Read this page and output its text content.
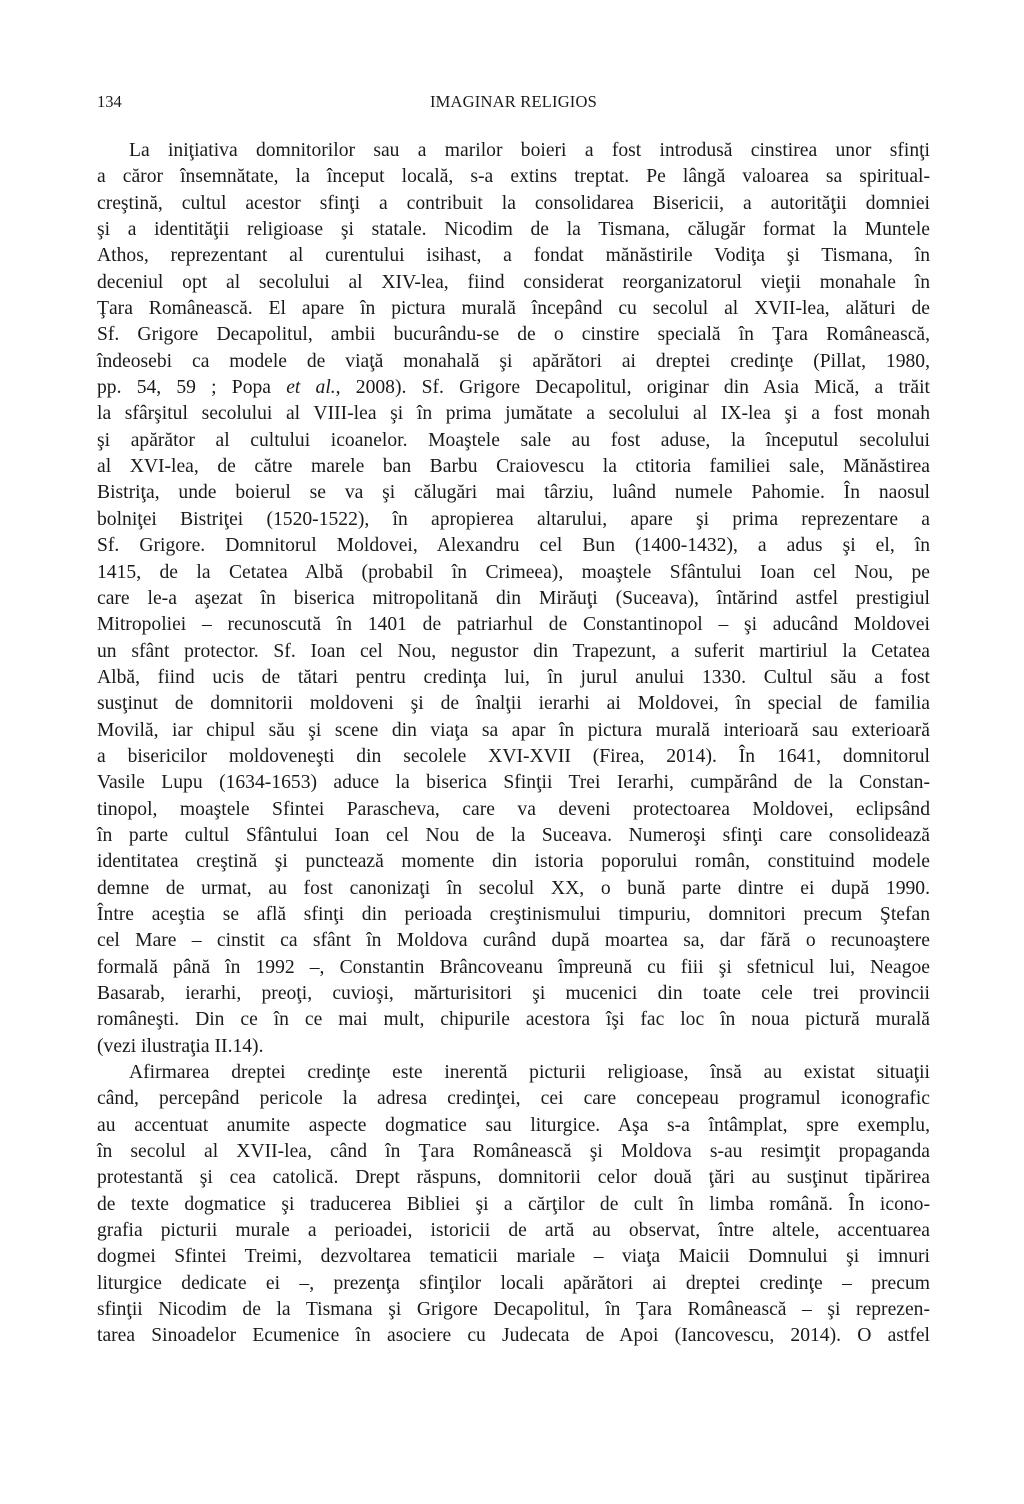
134	IMAGINAR RELIGIOS
La iniţiativa domnitorilor sau a marilor boieri a fost introdusă cinstirea unor sfinţi
a căror însemnătate, la început locală, s-a extins treptat. Pe lângă valoarea sa spiritual-
creştină, cultul acestor sfinţi a contribuit la consolidarea Bisericii, a autorităţii domniei
şi a identităţii religioase şi statale. Nicodim de la Tismana, călugăr format la Muntele
Athos, reprezentant al curentului isihast, a fondat mănăstirile Vodiţa şi Tismana, în
deceniul opt al secolului al XIV-lea, fiind considerat reorganizatorul vieţii monahale în
Ţara Românească. El apare în pictura murală începând cu secolul al XVII-lea, alături de
Sf. Grigore Decapolitul, ambii bucurându-se de o cinstire specială în Ţara Românească,
îndeosebi ca modele de viaţă monahală şi apărători ai dreptei credinţe (Pillat, 1980,
pp. 54, 59 ; Popa et al., 2008). Sf. Grigore Decapolitul, originar din Asia Mică, a trăit
la sfârşitul secolului al VIII-lea şi în prima jumătate a secolului al IX-lea şi a fost monah
şi apărător al cultului icoanelor. Moaştele sale au fost aduse, la începutul secolului
al XVI-lea, de către marele ban Barbu Craiovescu la ctitoria familiei sale, Mănăstirea
Bistriţa, unde boierul se va şi călugări mai târziu, luând numele Pahomie. În naosul
bolniţei Bistriţei (1520-1522), în apropierea altarului, apare şi prima reprezentare a
Sf. Grigore. Domnitorul Moldovei, Alexandru cel Bun (1400-1432), a adus şi el, în
1415, de la Cetatea Albă (probabil în Crimeea), moaştele Sfântului Ioan cel Nou, pe
care le-a aşezat în biserica mitropolitană din Mirăuţi (Suceava), întărind astfel prestigiul
Mitropoliei – recunoscută în 1401 de patriarhul de Constantinopol – şi aducând Moldovei
un sfânt protector. Sf. Ioan cel Nou, negustor din Trapezunt, a suferit martiriul la Cetatea
Albă, fiind ucis de tătari pentru credinţa lui, în jurul anului 1330. Cultul său a fost
susţinut de domnitorii moldoveni şi de înalţii ierarhi ai Moldovei, în special de familia
Movilă, iar chipul său şi scene din viaţa sa apar în pictura murală interioară sau exterioară
a bisericilor moldoveneşti din secolele XVI-XVII (Firea, 2014). În 1641, domnitorul
Vasile Lupu (1634-1653) aduce la biserica Sfinţii Trei Ierarhi, cumpărând de la Constan-
tinopol, moaştele Sfintei Parascheva, care va deveni protectoarea Moldovei, eclipsând
în parte cultul Sfântului Ioan cel Nou de la Suceava. Numeroşi sfinţi care consolidează
identitatea creştină şi punctează momente din istoria poporului român, constituind modele
demne de urmat, au fost canonizaţi în secolul XX, o bună parte dintre ei după 1990.
Între aceştia se află sfinţi din perioada creştinismului timpuriu, domnitori precum Ştefan
cel Mare – cinstit ca sfânt în Moldova curând după moartea sa, dar fără o recunoaştere
formală până în 1992 –, Constantin Brâncoveanu împreună cu fiii şi sfetnicul lui, Neagoe
Basarab, ierarhi, preoţi, cuvioşi, mărturisitori şi mucenici din toate cele trei provincii
româneşti. Din ce în ce mai mult, chipurile acestora îşi fac loc în noua pictură murală
(vezi ilustraţia II.14).
Afirmarea dreptei credinţe este inerentă picturii religioase, însă au existat situaţii
când, percepând pericole la adresa credinţei, cei care concepeau programul iconografic
au accentuat anumite aspecte dogmatice sau liturgice. Aşa s-a întâmplat, spre exemplu,
în secolul al XVII-lea, când în Ţara Românească şi Moldova s-au resimţit propaganda
protestantă şi cea catolică. Drept răspuns, domnitorii celor două ţări au susţinut tipărirea
de texte dogmatice şi traducerea Bibliei şi a cărţilor de cult în limba română. În icono-
grafia picturii murale a perioadei, istoricii de artă au observat, între altele, accentuarea
dogmei Sfintei Treimi, dezvoltarea tematicii mariale – viaţa Maicii Domnului şi imnuri
liturgice dedicate ei –, prezenţa sfinţilor locali apărători ai dreptei credinţe – precum
sfinţii Nicodim de la Tismana şi Grigore Decapolitul, în Ţara Românească – şi reprezen-
tarea Sinoadelor Ecumenice în asociere cu Judecata de Apoi (Iancovescu, 2014). O astfel
